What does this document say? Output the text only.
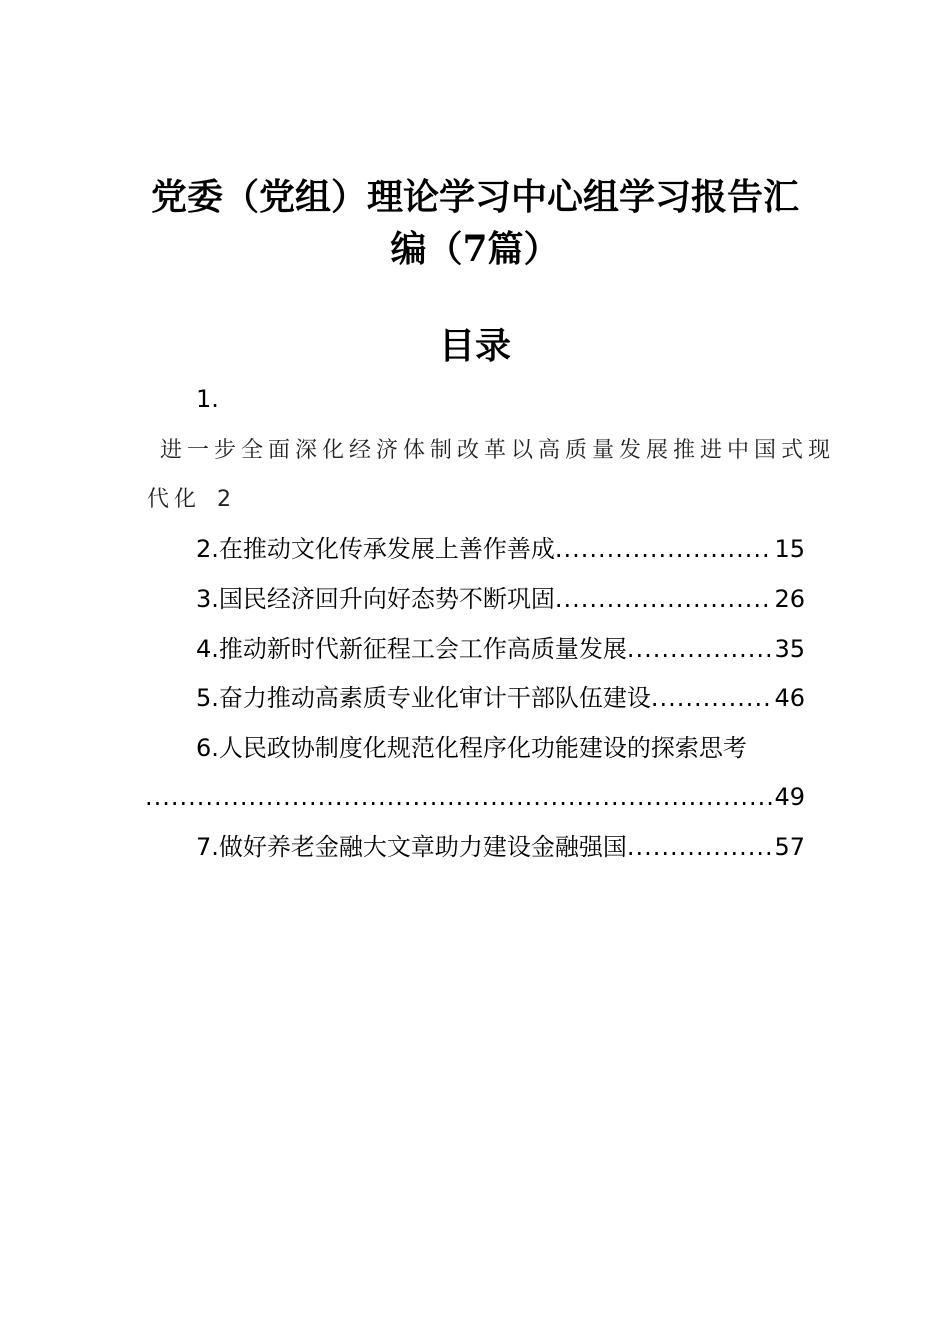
党委（党组）理论学习中心组学习报告汇
编（7篇）
目录
1.
进一步全面深化经济体制改革以高质量发展推进中国式现
代化 2
2.在推动文化传承发展上善作善成 .....	15
3.国民经济回升向好态势不断巩固 .....	26
4.推动新时代新征程工会工作高质量发展 .....	35
5.奋力推动高素质专业化审计干部队伍建设 .....	46
6.人民政协制度化规范化程序化功能建设的探索思考
.....
49
7.做好养老金融大文章助力建设金融强国 .....	57
